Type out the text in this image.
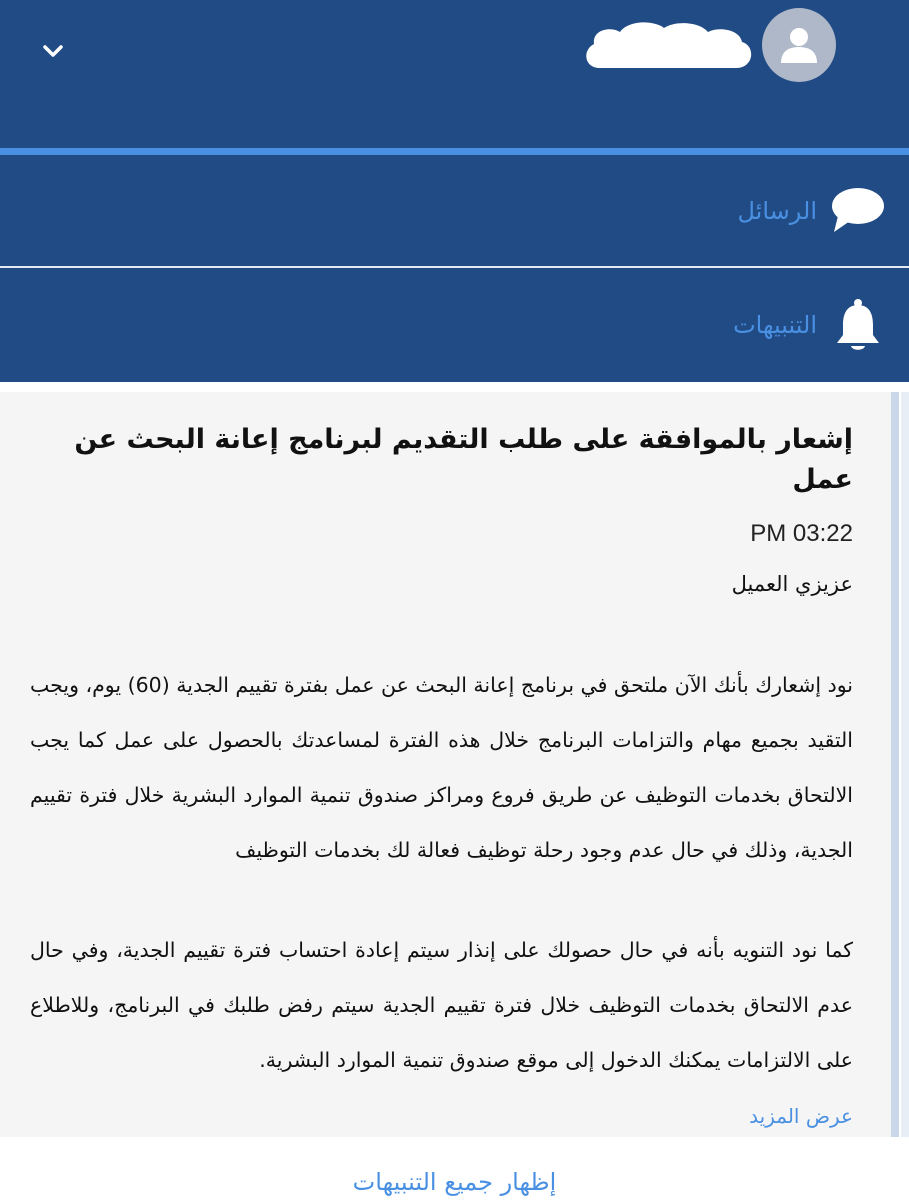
الرسائل
التنبيهات
إشعار بالموافقة على طلب التقديم لبرنامج إعانة البحث عن عمل
PM 03:22
عزيزي العميل

نود إشعارك بأنك الآن ملتحق في برنامج إعانة البحث عن عمل بفترة تقييم الجدية (60) يوم، ويجب التقيد بجميع مهام والتزامات البرنامج خلال هذه الفترة لمساعدتك بالحصول على عمل كما يجب الالتحاق بخدمات التوظيف عن طريق فروع ومراكز صندوق تنمية الموارد البشرية خلال فترة تقييم الجدية، وذلك في حال عدم وجود رحلة توظيف فعالة لك بخدمات التوظيف

كما نود التنويه بأنه في حال حصولك على إنذار سيتم إعادة احتساب فترة تقييم الجدية، وفي حال عدم الالتحاق بخدمات التوظيف خلال فترة تقييم الجدية سيتم رفض طلبك في البرنامج، وللاطلاع على الالتزامات يمكنك الدخول إلى موقع صندوق تنمية الموارد البشرية.

عرض المزيد
إظهار جميع التنبيهات
